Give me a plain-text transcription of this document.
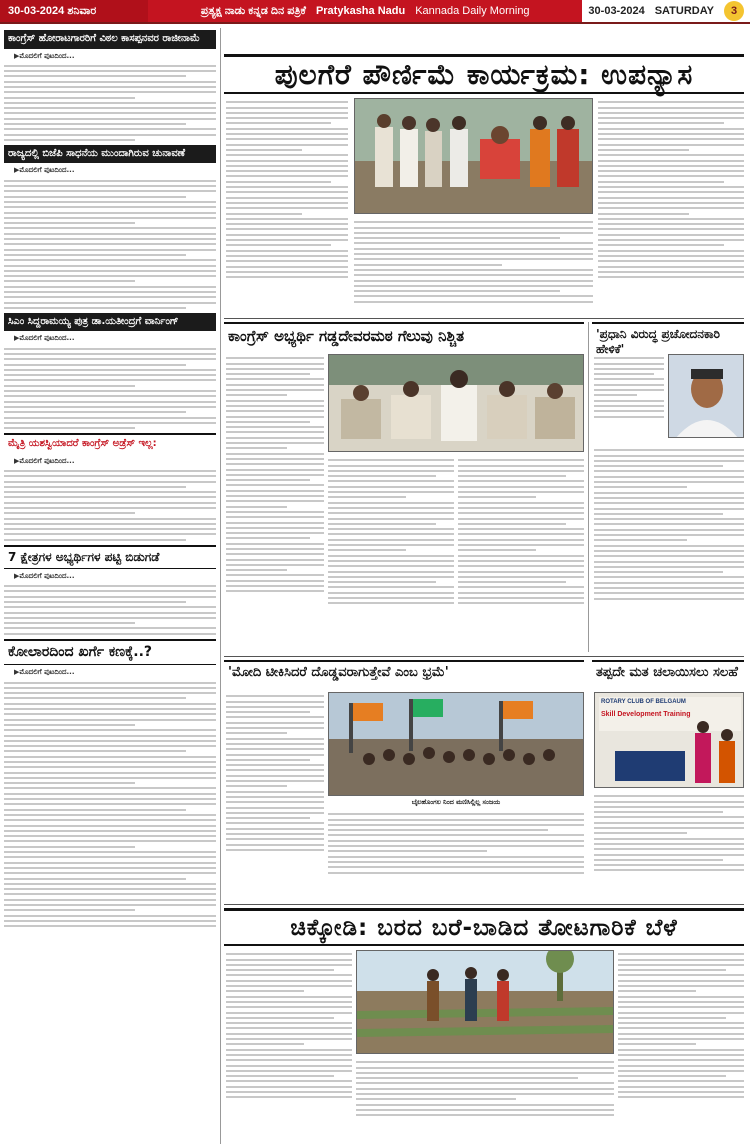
30-03-2024 ಶನಿವಾರ	ಪ್ರತ್ಯಕ್ಷ ನಾಡು ಕನ್ನಡ ದಿನ ಪತ್ರಿಕೆ Pratykasha Nadu Kannada Daily Morning	30-03-2024 SATURDAY	3
ಕಾಂಗ್ರೆಸ್ ಹೋರಾಟಗಾರರಿಗೆ ವಿಠಲ ಕಾಸಪ್ಪನವರ ರಾಜೀನಾಮೆ
▶ಮೊದಲಿಗೆ ಪುಟದಿಂದ...
ರಾಜ್ಯದಲ್ಲಿ ಬಿಜೆಪಿ ಸಾಧನೆಯ ಮುಂದಾಗಿರುವ ಚುನಾವಣೆ
▶ಮೊದಲಿಗೆ ಪುಟದಿಂದ...
ಸಿಎಂ ಸಿದ್ದರಾಮಯ್ಯ ಪುತ್ರ ಡಾ.ಯತೀಂದ್ರಗೆ ವಾರ್ನಿಂಗ್
▶ಮೊದಲಿಗೆ ಪುಟದಿಂದ...
ಮೈತ್ರಿ ಯಶಸ್ವಿಯಾದರೆ ಕಾಂಗ್ರೆಸ್ ಅಡ್ರೆಸ್ ಇಲ್ಲ:
▶ಮೊದಲಿಗೆ ಪುಟದಿಂದ...
7 ಕ್ಷೇತ್ರಗಳ ಅಭ್ಯರ್ಥಿಗಳ ಪಟ್ಟಿ ಬಿಡುಗಡೆ
▶ಮೊದಲಿಗೆ ಪುಟದಿಂದ...
ಕೋಲಾರದಿಂದ ಖರ್ಗೆ ಕಣಕ್ಕೆ..?
▶ಮೊದಲಿಗೆ ಪುಟದಿಂದ...
ಪುಲಗೆರೆ ಪೌರ್ಣಿಮೆ ಕಾರ್ಯಕ್ರಮ: ಉಪನ್ಯಾಸ
ಕಾಂಗ್ರೆಸ್ ಅಭ್ಯರ್ಥಿ ಗಡ್ಡದೇವರಮಠ ಗೆಲುವು ನಿಶ್ಚಿತ	'ಪ್ರಧಾನಿ ವಿರುದ್ಧ ಪ್ರಚೋದನಕಾರಿ ಹೇಳಿಕೆ'
'ಮೋದಿ ಟೀಕಿಸಿದರೆ ದೊಡ್ಡವರಾಗುತ್ತೇವೆ ಎಂಬ ಭ್ರಮೆ'
ಬೈಲಹೊಂಗಲ ನಿಂದ ಮಣಿಸಿಲ್ಲಿಲ್ಲ ಸಂಜಯ
ತಪ್ಪದೇ ಮತ ಚಲಾಯಿಸಲು ಸಲಹೆ
ROTARY CLUB OF BELGAUM
Skill Development Training
ಚಿಕ್ಕೋಡಿ: ಬರದ ಬರೆ-ಬಾಡಿದ ತೋಟಗಾರಿಕೆ ಬೆಳೆ
